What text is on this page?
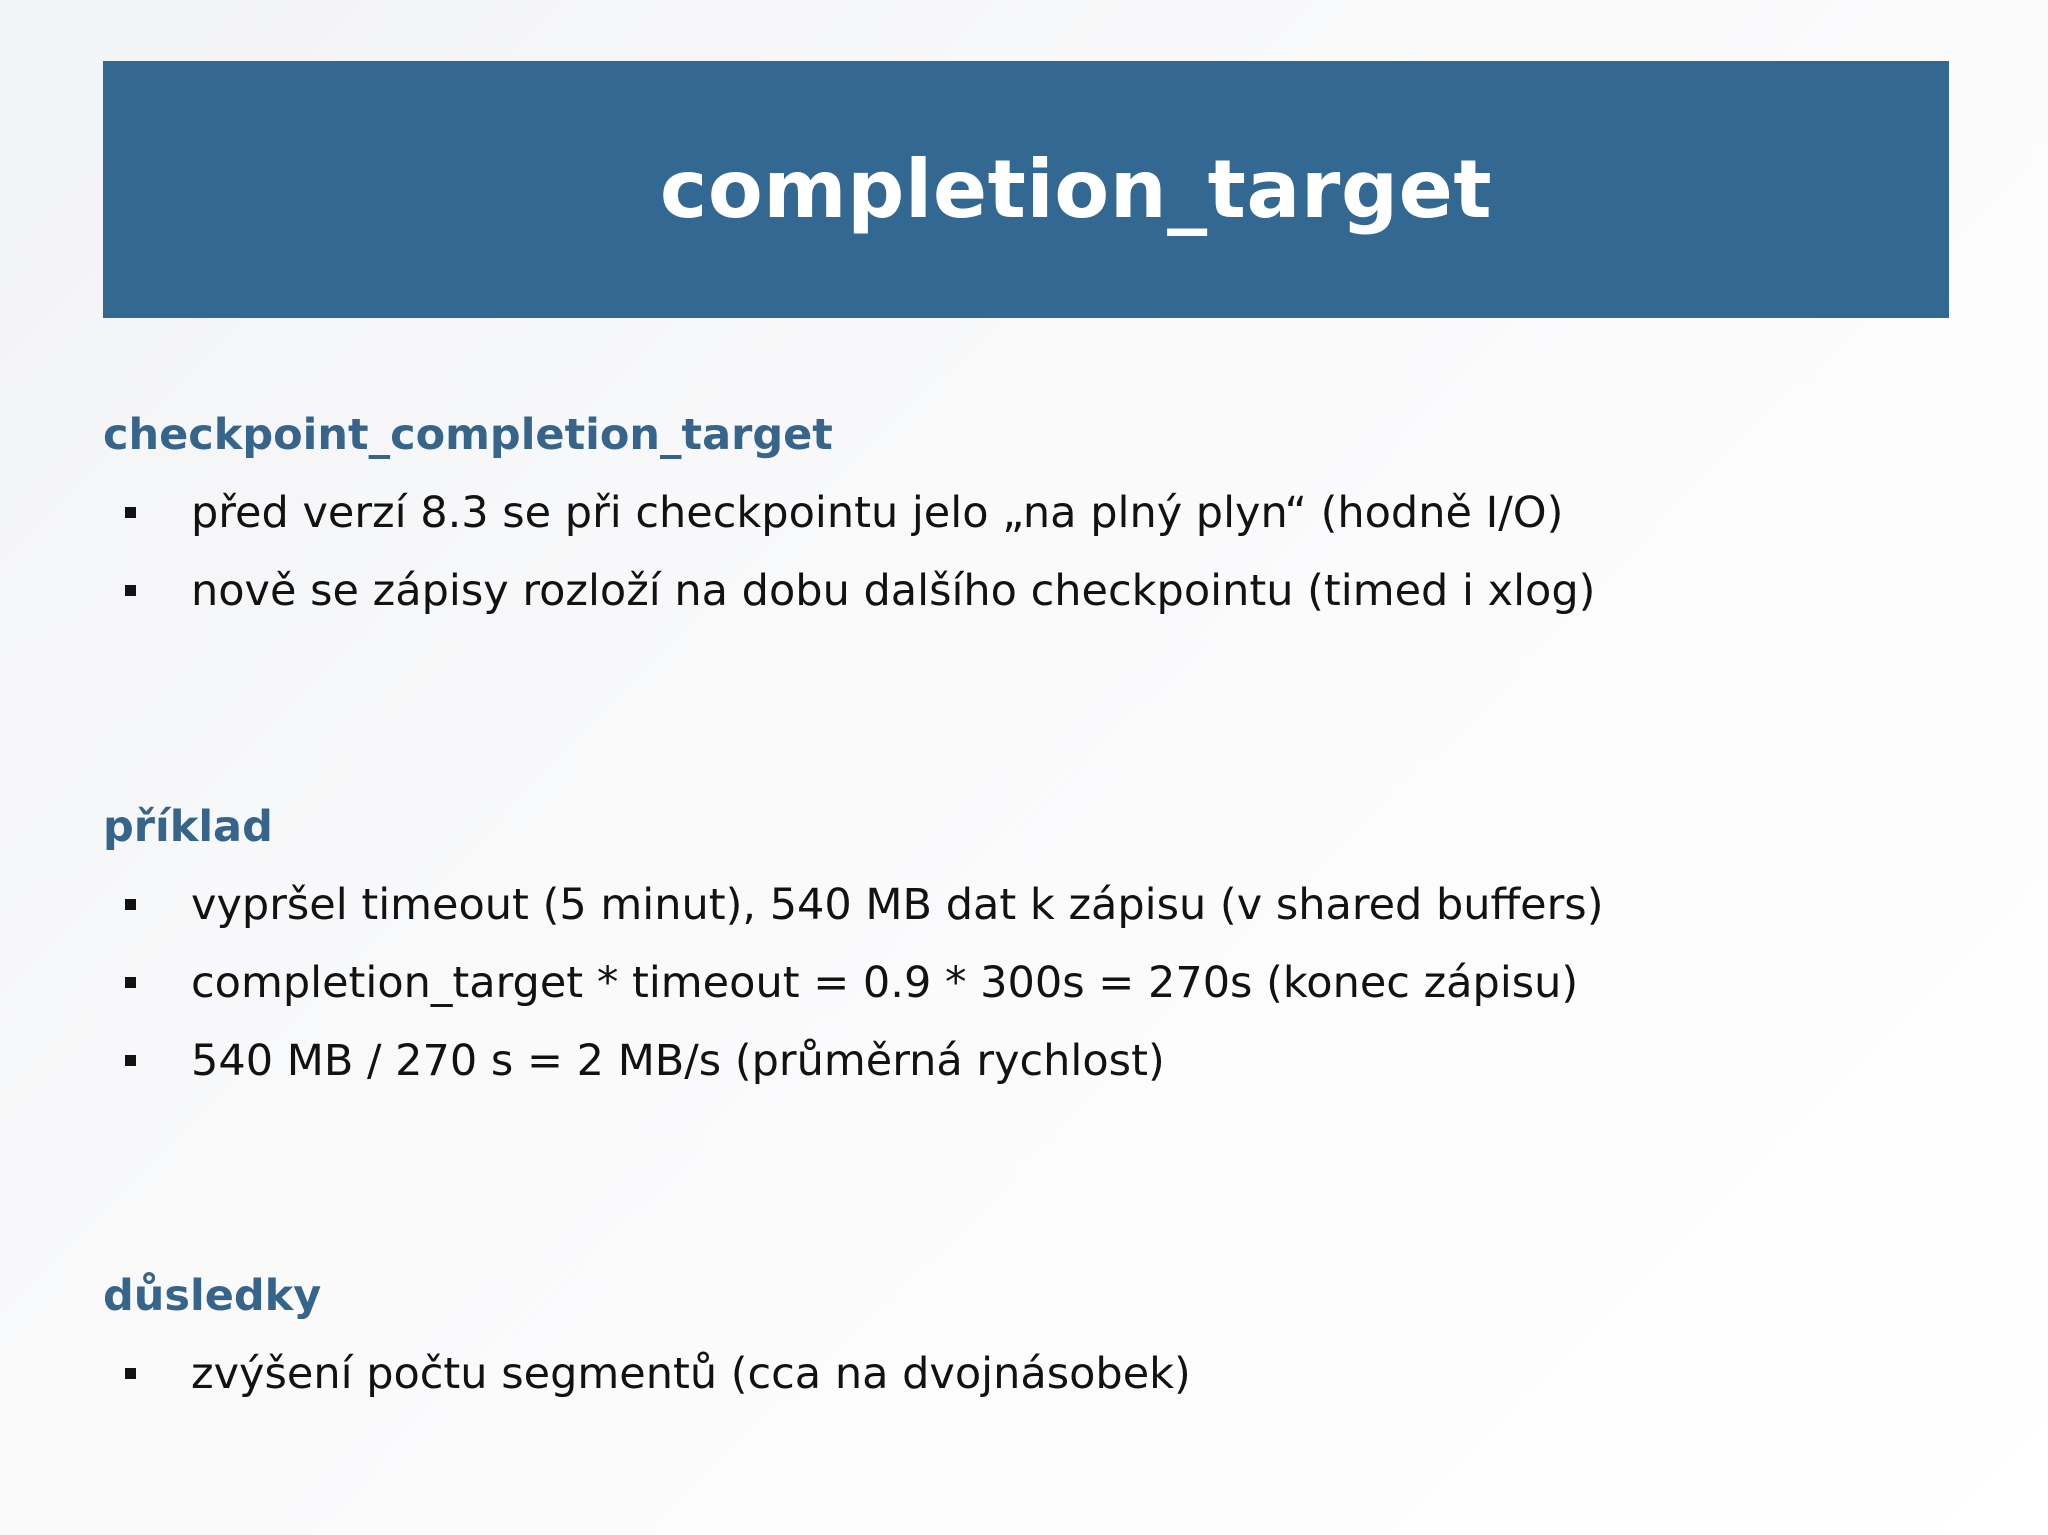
completion_target
checkpoint_completion_target
před verzí 8.3 se při checkpointu jelo „na plný plyn“ (hodně I/O)
nově se zápisy rozloží na dobu dalšího checkpointu (timed i xlog)
příklad
vypršel timeout (5 minut), 540 MB dat k zápisu (v shared buffers)
completion_target * timeout = 0.9 * 300s = 270s (konec zápisu)
540 MB / 270 s = 2 MB/s (průměrná rychlost)
důsledky
zvýšení počtu segmentů (cca na dvojnásobek)
